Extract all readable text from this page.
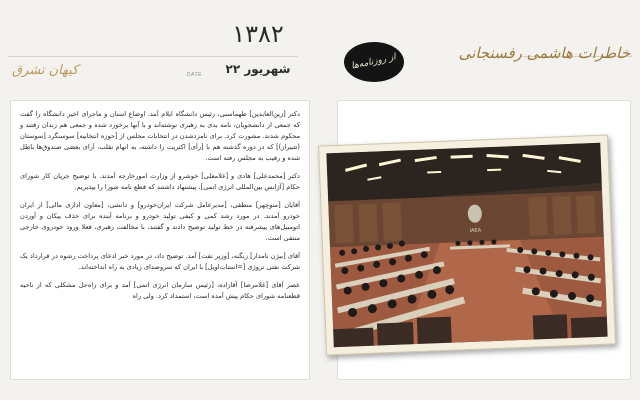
کیهان تشرق	DATE
۱۳۸۲
۲۲ شهریور	از روزنامه‌ها	خاطرات هاشمی رفسنجانی

دکتر [زین‌العابدین] طهماسبی، رئیس دانشگاه ایلام آمد. اوضاع استان و ماجرای اخیر دانشگاه را گفت که جمعی از دانشجویان، نامه بدی به رهبری نوشته‌اند و با آنها برخورد شده و جمعی هم زندان رفتند و محکوم شدند. مشورت کرد. برای نامزدشدن در انتخابات مجلس از [حوزه انتخابیه] سوسنگرد [سوستان (شیراز)] که در دوره گذشته هم با [رأی] اکثریت را داشته، به اتهام تقلب، آرای بعضی صندوق‌ها باطل شده و رقیب به مجلس رفته است.

دکتر [محمدعلی] هادی و [غلامعلی] خوشرو از وزارت امورخارجه آمدند. با توضیح جریان کار شورای حکام [آژانس بین‌المللی انرژی اتمی]، پیشنهاد داشتند که قطع نامه شورا را بپذیریم.

آقایان [منوچهر] منطقی، [مدیرعامل شرکت ایران‌خودرو] و دانشی، [معاون اداری مالی] از ایران خودرو آمدند. در مورد رشد کمی و کیفی تولید خودرو و برنامه آینده برای حذف پیکان و آوردن اتومبیل‌های پیشرفته در خط تولید توضیح دادند و گفتند، با مخالفت رهبری، فعلا ورود خودروی خارجی منتفی است.

آقای [بیژن نامدار] زنگنه، [وزیر نفت] آمد. توضیح داد، در مورد خبر ادعای پرداخت رشوه در قرارداد یک شرکت نفتی نروژی [=استات‌اویل] با ایران که سروصدای زیادی به راه انداخته‌اند.

عصر آقای [غلامرضا] آقازاده، [رئیس سازمان انرژی اتمی] آمد و برای راه‌حل مشکلی که از ناحیه قطعنامه شورای حکام پیش آمده است، استمداد کرد. ولی راه

IAEA
